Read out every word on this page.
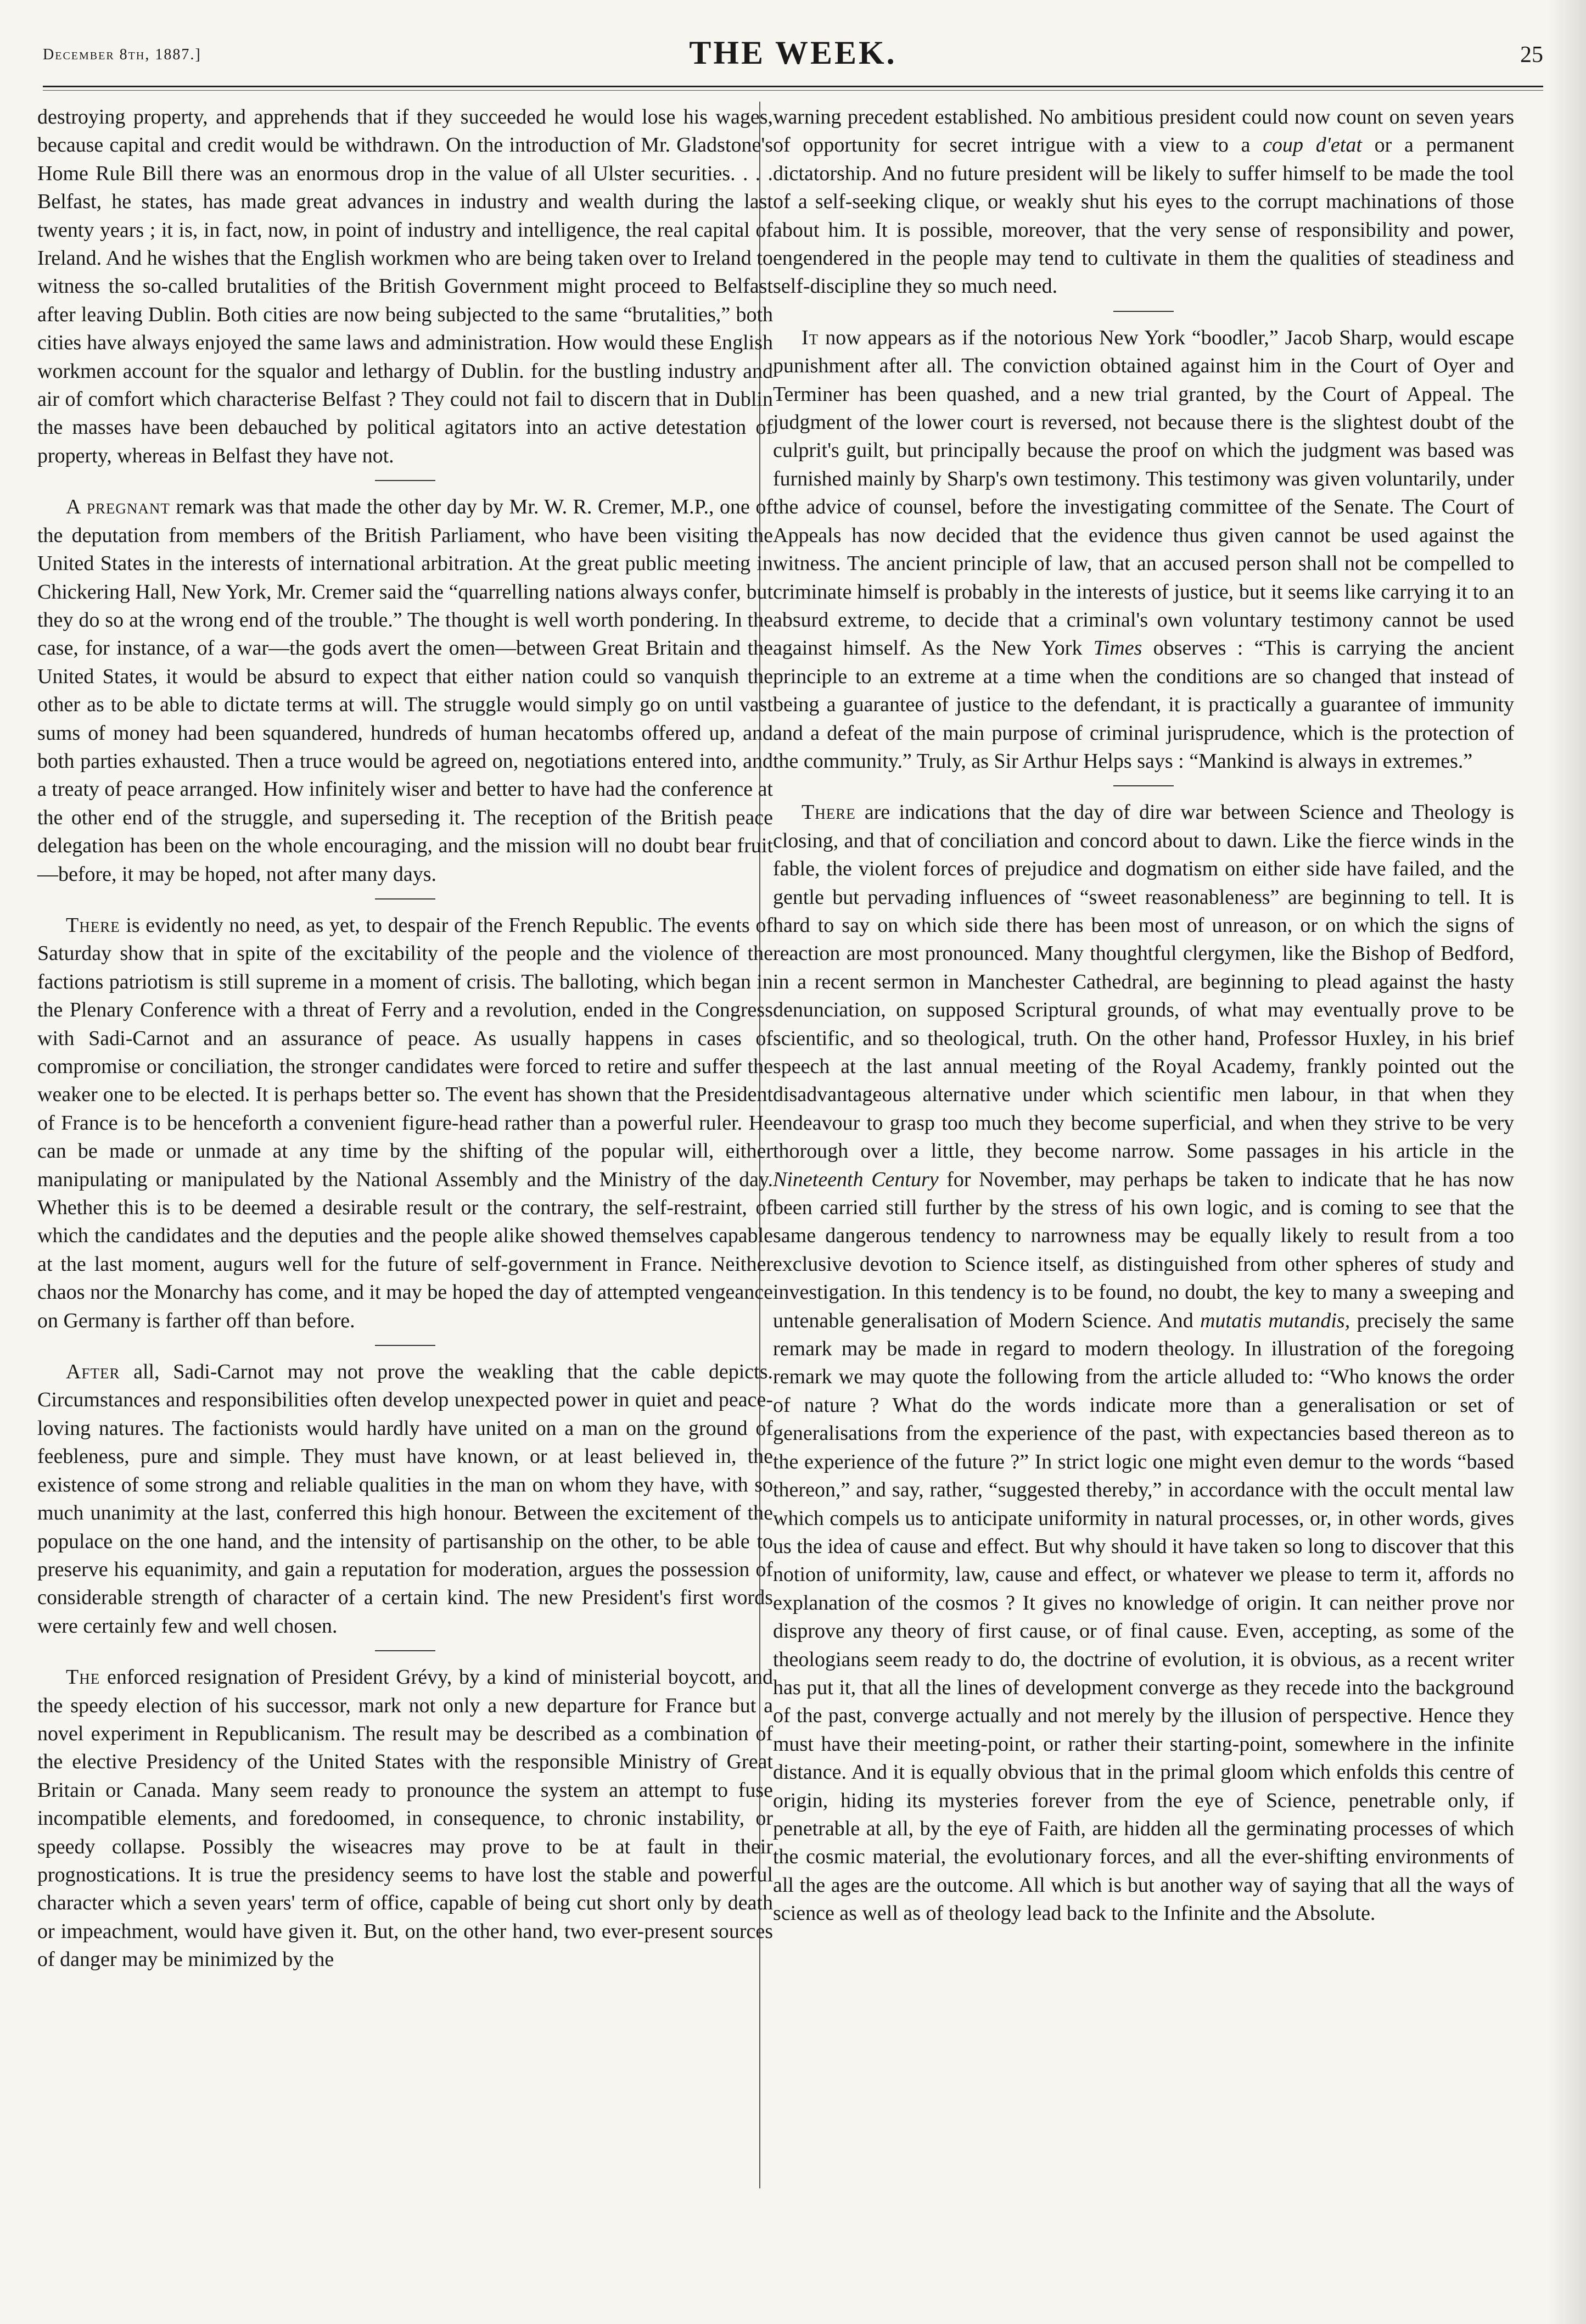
December 8th, 1887.]	THE WEEK.	25

destroying property, and apprehends that if they succeeded he would lose his wages, because capital and credit would be withdrawn. On the introduction of Mr. Gladstone's Home Rule Bill there was an enormous drop in the value of all Ulster securities. . . . Belfast, he states, has made great advances in industry and wealth during the last twenty years ; it is, in fact, now, in point of industry and intelligence, the real capital of Ireland. And he wishes that the English workmen who are being taken over to Ireland to witness the so-called brutalities of the British Government might proceed to Belfast after leaving Dublin. Both cities are now being subjected to the same “brutalities,” both cities have always enjoyed the same laws and administration. How would these English workmen account for the squalor and lethargy of Dublin. for the bustling industry and air of comfort which characterise Belfast ? They could not fail to discern that in Dublin the masses have been debauched by political agitators into an active detestation of property, whereas in Belfast they have not.

A pregnant remark was that made the other day by Mr. W. R. Cremer, M.P., one of the deputation from members of the British Parliament, who have been visiting the United States in the interests of international arbitration. At the great public meeting in Chickering Hall, New York, Mr. Cremer said the “quarrelling nations always confer, but they do so at the wrong end of the trouble.” The thought is well worth pondering. In the case, for instance, of a war—the gods avert the omen—between Great Britain and the United States, it would be absurd to expect that either nation could so vanquish the other as to be able to dictate terms at will. The struggle would simply go on until vast sums of money had been squandered, hundreds of human hecatombs offered up, and both parties exhausted. Then a truce would be agreed on, negotiations entered into, and a treaty of peace arranged. How infinitely wiser and better to have had the conference at the other end of the struggle, and superseding it. The reception of the British peace delegation has been on the whole encouraging, and the mission will no doubt bear fruit—before, it may be hoped, not after many days.

There is evidently no need, as yet, to despair of the French Republic. The events of Saturday show that in spite of the excitability of the people and the violence of the factions patriotism is still supreme in a moment of crisis. The balloting, which began in the Plenary Conference with a threat of Ferry and a revolution, ended in the Congress with Sadi-Carnot and an assurance of peace. As usually happens in cases of compromise or conciliation, the stronger candidates were forced to retire and suffer the weaker one to be elected. It is perhaps better so. The event has shown that the President of France is to be henceforth a convenient figure-head rather than a powerful ruler. He can be made or unmade at any time by the shifting of the popular will, either manipulating or manipulated by the National Assembly and the Ministry of the day. Whether this is to be deemed a desirable result or the contrary, the self-restraint, of which the candidates and the deputies and the people alike showed themselves capable at the last moment, augurs well for the future of self-government in France. Neither chaos nor the Monarchy has come, and it may be hoped the day of attempted vengeance on Germany is farther off than before.

After all, Sadi-Carnot may not prove the weakling that the cable depicts. Circumstances and responsibilities often develop unexpected power in quiet and peace-loving natures. The factionists would hardly have united on a man on the ground of feebleness, pure and simple. They must have known, or at least believed in, the existence of some strong and reliable qualities in the man on whom they have, with so much unanimity at the last, conferred this high honour. Between the excitement of the populace on the one hand, and the intensity of partisanship on the other, to be able to preserve his equanimity, and gain a reputation for moderation, argues the possession of considerable strength of character of a certain kind. The new President's first words were certainly few and well chosen.

The enforced resignation of President Grévy, by a kind of ministerial boycott, and the speedy election of his successor, mark not only a new departure for France but a novel experiment in Republicanism. The result may be described as a combination of the elective Presidency of the United States with the responsible Ministry of Great Britain or Canada. Many seem ready to pronounce the system an attempt to fuse incompatible elements, and foredoomed, in consequence, to chronic instability, or speedy collapse. Possibly the wiseacres may prove to be at fault in their prognostications. It is true the presidency seems to have lost the stable and powerful character which a seven years' term of office, capable of being cut short only by death or impeachment, would have given it. But, on the other hand, two ever-present sources of danger may be minimized by the

warning precedent established. No ambitious president could now count on seven years of opportunity for secret intrigue with a view to a coup d'etat or a permanent dictatorship. And no future president will be likely to suffer himself to be made the tool of a self-seeking clique, or weakly shut his eyes to the corrupt machinations of those about him. It is possible, moreover, that the very sense of responsibility and power, engendered in the people may tend to cultivate in them the qualities of steadiness and self-discipline they so much need.

It now appears as if the notorious New York “boodler,” Jacob Sharp, would escape punishment after all. The conviction obtained against him in the Court of Oyer and Terminer has been quashed, and a new trial granted, by the Court of Appeal. The judgment of the lower court is reversed, not because there is the slightest doubt of the culprit's guilt, but principally because the proof on which the judgment was based was furnished mainly by Sharp's own testimony. This testimony was given voluntarily, under the advice of counsel, before the investigating committee of the Senate. The Court of Appeals has now decided that the evidence thus given cannot be used against the witness. The ancient principle of law, that an accused person shall not be compelled to criminate himself is probably in the interests of justice, but it seems like carrying it to an absurd extreme, to decide that a criminal's own voluntary testimony cannot be used against himself. As the New York Times observes : “This is carrying the ancient principle to an extreme at a time when the conditions are so changed that instead of being a guarantee of justice to the defendant, it is practically a guarantee of immunity and a defeat of the main purpose of criminal jurisprudence, which is the protection of the community.” Truly, as Sir Arthur Helps says : “Mankind is always in extremes.”

There are indications that the day of dire war between Science and Theology is closing, and that of conciliation and concord about to dawn. Like the fierce winds in the fable, the violent forces of prejudice and dogmatism on either side have failed, and the gentle but pervading influences of “sweet reasonableness” are beginning to tell. It is hard to say on which side there has been most of unreason, or on which the signs of reaction are most pronounced. Many thoughtful clergymen, like the Bishop of Bedford, in a recent sermon in Manchester Cathedral, are beginning to plead against the hasty denunciation, on supposed Scriptural grounds, of what may eventually prove to be scientific, and so theological, truth. On the other hand, Professor Huxley, in his brief speech at the last annual meeting of the Royal Academy, frankly pointed out the disadvantageous alternative under which scientific men labour, in that when they endeavour to grasp too much they become superficial, and when they strive to be very thorough over a little, they become narrow. Some passages in his article in the Nineteenth Century for November, may perhaps be taken to indicate that he has now been carried still further by the stress of his own logic, and is coming to see that the same dangerous tendency to narrowness may be equally likely to result from a too exclusive devotion to Science itself, as distinguished from other spheres of study and investigation. In this tendency is to be found, no doubt, the key to many a sweeping and untenable generalisation of Modern Science. And mutatis mutandis, precisely the same remark may be made in regard to modern theology. In illustration of the foregoing remark we may quote the following from the article alluded to: “Who knows the order of nature ? What do the words indicate more than a generalisation or set of generalisations from the experience of the past, with expectancies based thereon as to the experience of the future ?” In strict logic one might even demur to the words “based thereon,” and say, rather, “suggested thereby,” in accordance with the occult mental law which compels us to anticipate uniformity in natural processes, or, in other words, gives us the idea of cause and effect. But why should it have taken so long to discover that this notion of uniformity, law, cause and effect, or whatever we please to term it, affords no explanation of the cosmos ? It gives no knowledge of origin. It can neither prove nor disprove any theory of first cause, or of final cause. Even, accepting, as some of the theologians seem ready to do, the doctrine of evolution, it is obvious, as a recent writer has put it, that all the lines of development converge as they recede into the background of the past, converge actually and not merely by the illusion of perspective. Hence they must have their meeting-point, or rather their starting-point, somewhere in the infinite distance. And it is equally obvious that in the primal gloom which enfolds this centre of origin, hiding its mysteries forever from the eye of Science, penetrable only, if penetrable at all, by the eye of Faith, are hidden all the germinating processes of which the cosmic material, the evolutionary forces, and all the ever-shifting environments of all the ages are the outcome. All which is but another way of saying that all the ways of science as well as of theology lead back to the Infinite and the Absolute.
